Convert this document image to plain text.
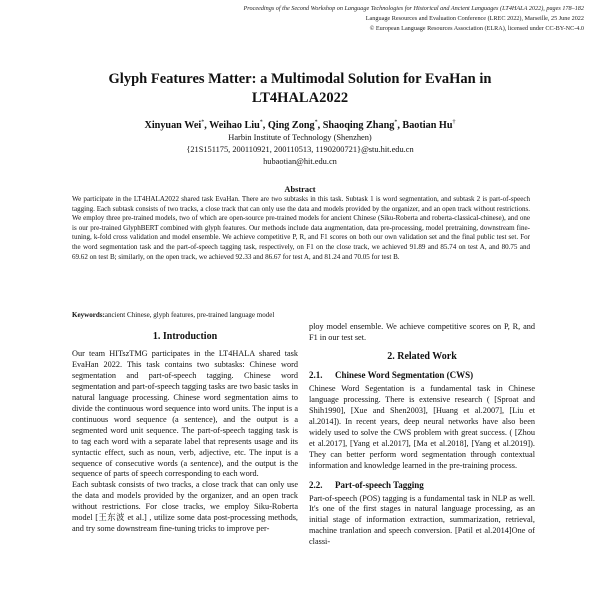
Proceedings of the Second Workshop on Language Technologies for Historical and Ancient Languages (LT4HALA 2022), pages 178–182
Language Resources and Evaluation Conference (LREC 2022), Marseille, 25 June 2022
© European Language Resources Association (ELRA), licensed under CC-BY-NC-4.0
Glyph Features Matter: a Multimodal Solution for EvaHan in
LT4HALA2022
Xinyuan Wei*, Weihao Liu*, Qing Zong*, Shaoqing Zhang*, Baotian Hu†
Harbin Institute of Technology (Shenzhen)
{21S151175, 200110921, 200110513, 1190200721}@stu.hit.edu.cn
hubaotian@hit.edu.cn
Abstract
We participate in the LT4HALA2022 shared task EvaHan. There are two subtasks in this task. Subtask 1 is word segmentation, and subtask 2 is part-of-speech tagging. Each subtask consists of two tracks, a close track that can only use the data and models provided by the organizer, and an open track without restrictions. We employ three pre-trained models, two of which are open-source pre-trained models for ancient Chinese (Siku-Roberta and roberta-classical-chinese), and one is our pre-trained GlyphBERT combined with glyph features. Our methods include data augmentation, data pre-processing, model pretraining, downstream fine-tuning, k-fold cross validation and model ensemble. We achieve competitive P, R, and F1 scores on both our own validation set and the final public test set. For the word segmentation task and the part-of-speech tagging task, respectively, on F1 on the close track, we achieved 91.89 and 85.74 on test A, and 80.75 and 69.62 on test B; similarly, on the open track, we achieved 92.33 and 86.67 for test A, and 81.24 and 70.05 for test B.
Keywords:ancient Chinese, glyph features, pre-trained language model
1. Introduction

Our team HITszTMG participates in the LT4HALA shared task EvaHan 2022. This task contains two subtasks: Chinese word segmentation and part-of-speech tagging. Chinese word segmentation and part-of-speech tagging tasks are two basic tasks in natural language processing. Chinese word segmentation aims to divide the continuous word sequence into word units. The input is a continuous word sequence (a sentence), and the output is a segmented word unit sequence. The part-of-speech tagging task is to tag each word with a separate label that represents usage and its syntactic effect, such as noun, verb, adjective, etc. The input is a sequence of consecutive words (a sentence), and the output is the sequence of parts of speech corresponding to each word.

Each subtask consists of two tracks, a close track that can only use the data and models provided by the organizer, and an open track without restrictions. For close tracks, we employ Siku-Roberta model [王东波 et al.] , utilize some data post-processing methods, and try some downstream fine-tuning tricks to improve per-

ploy model ensemble. We achieve competitive scores on P, R, and F1 in our test set.

2. Related Work
2.1. Chinese Word Segmentation (CWS)

Chinese Word Segentation is a fundamental task in Chinese language processing. There is extensive research ( [Sproat and Shih1990], [Xue and Shen2003], [Huang et al.2007], [Liu et al.2014]). In recent years, deep neural networks have also been widely used to solve the CWS problem with great success. ( [Zhou et al.2017], [Yang et al.2017], [Ma et al.2018], [Yang et al.2019]). They can better perform word segmentation through contextual information and knowledge learned in the pre-training process.

2.2. Part-of-speech Tagging

Part-of-speech (POS) tagging is a fundamental task in NLP as well. It's one of the first stages in natural language processing, as an initial stage of information extraction, summarization, retrieval, machine tranlation and speech conversion. [Patil et al.2014]One of classi-
